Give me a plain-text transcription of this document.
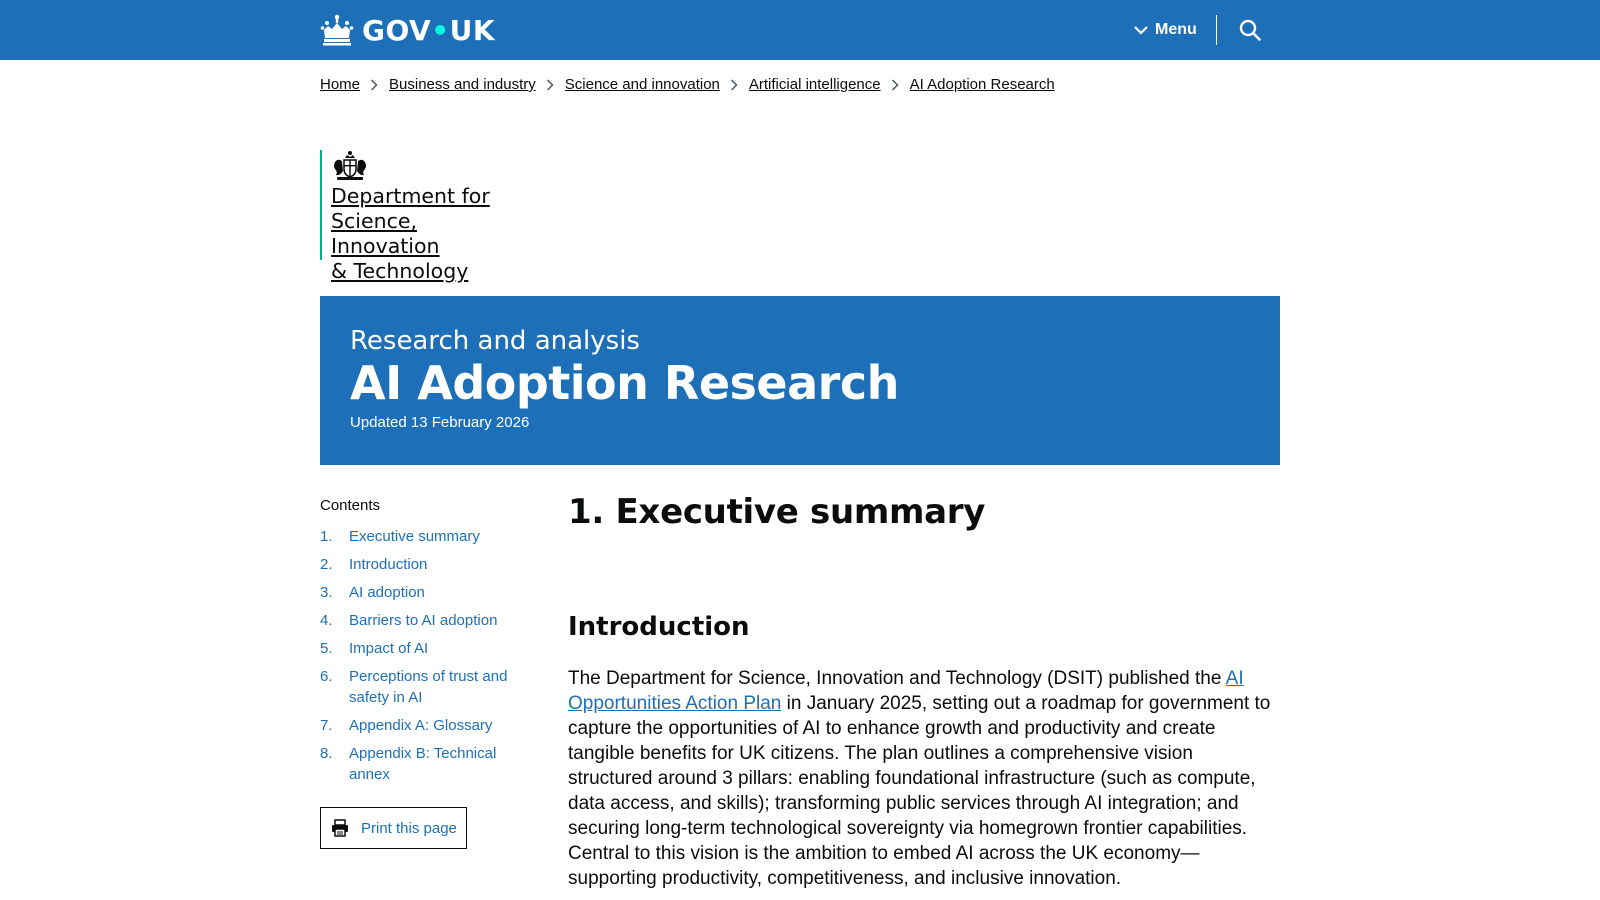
GOV•UK	Menu
Home Business and industry Science and innovation Artificial intelligence AI Adoption Research
Department for
Science, Innovation
& Technology
Research and analysis
AI Adoption Research
Updated 13 February 2026
Contents
1.	Executive summary
2.	Introduction
3.	AI adoption
4.	Barriers to AI adoption
5.	Impact of AI
6.	Perceptions of trust and safety in AI
7.	Appendix A: Glossary
8.	Appendix B: Technical annex
Print this page
1. Executive summary
Introduction

The Department for Science, Innovation and Technology (DSIT) published the AI Opportunities Action Plan in January 2025, setting out a roadmap for government to capture the opportunities of AI to enhance growth and productivity and create tangible benefits for UK citizens. The plan outlines a comprehensive vision structured around 3 pillars: enabling foundational infrastructure (such as compute, data access, and skills); transforming public services through AI integration; and securing long-term technological sovereignty via homegrown frontier capabilities. Central to this vision is the ambition to embed AI across the UK economy—supporting productivity, competitiveness, and inclusive innovation.
